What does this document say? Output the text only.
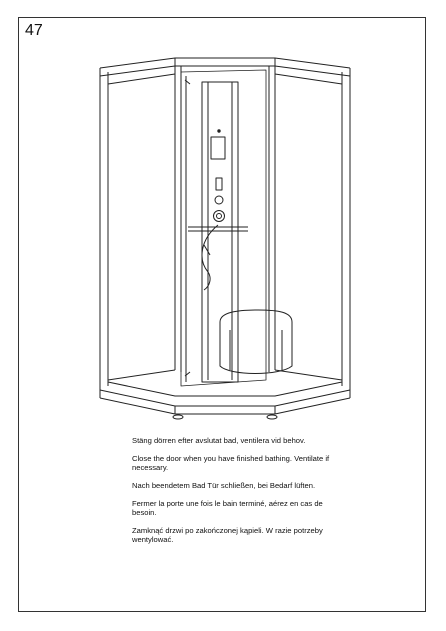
47

Stäng dörren efter avslutat bad, ventilera vid behov.

Close the door when you have finished bathing. Ventilate if necessary.

Nach beendetem Bad Tür schließen, bei Bedarf lüften.

Fermer la porte une fois le bain terminé, aérez en cas de besoin.

Zamknąć drzwi po zakończonej kąpieli. W razie potrzeby wentylować.
